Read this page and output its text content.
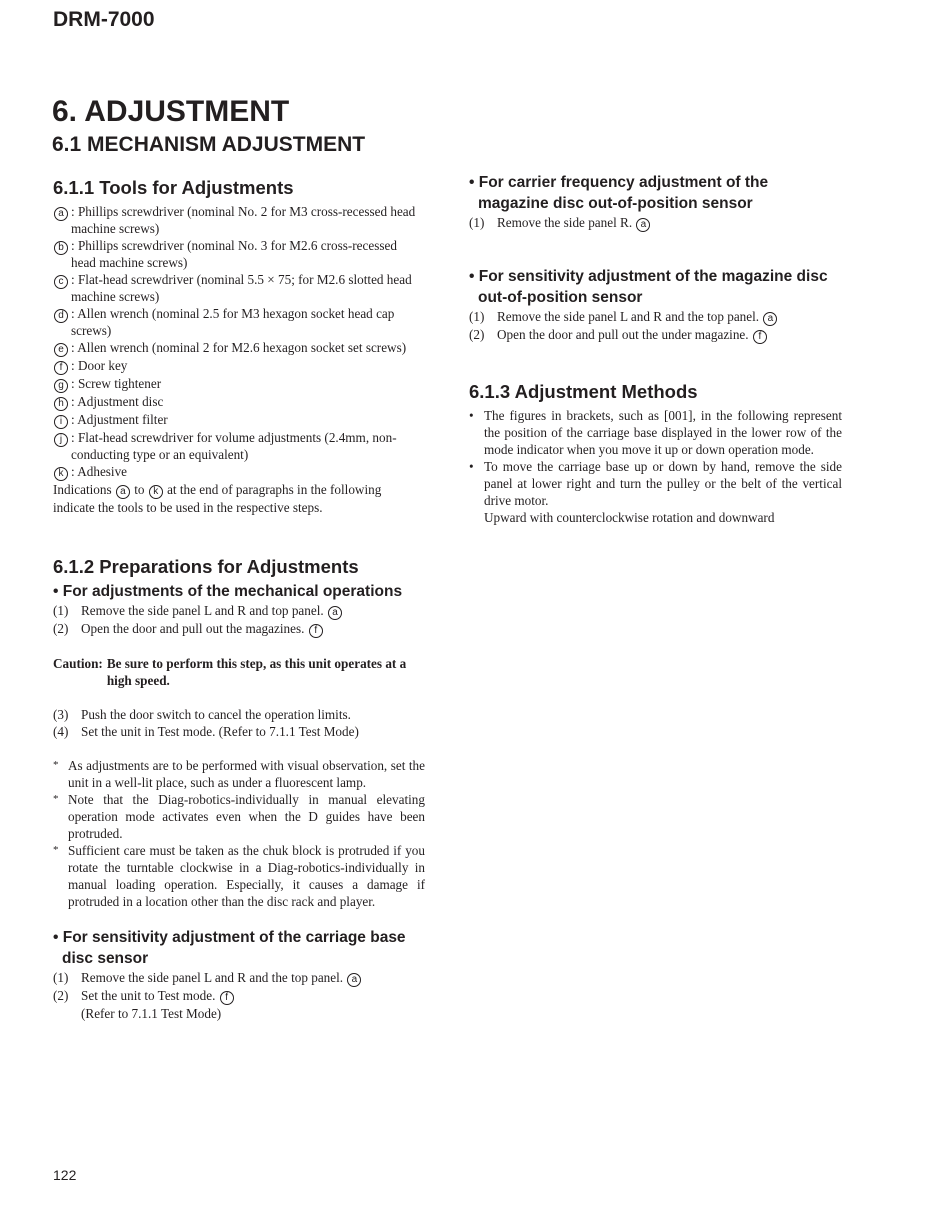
DRM-7000
6. ADJUSTMENT
6.1 MECHANISM ADJUSTMENT
6.1.1 Tools for Adjustments
a : Phillips screwdriver (nominal No. 2 for M3 cross-recessed head machine screws)
b : Phillips screwdriver (nominal No. 3 for M2.6 cross-recessed head machine screws)
c : Flat-head screwdriver (nominal 5.5 × 75; for M2.6 slotted head machine screws)
d : Allen wrench (nominal 2.5 for M3 hexagon socket head cap screws)
e : Allen wrench (nominal 2 for M2.6 hexagon socket set screws)
f : Door key
g : Screw tightener
h : Adjustment disc
i : Adjustment filter
j : Flat-head screwdriver for volume adjustments (2.4mm, non-conducting type or an equivalent)
k : Adhesive
Indications a to k at the end of paragraphs in the following indicate the tools to be used in the respective steps.
6.1.2 Preparations for Adjustments
• For adjustments of the mechanical operations
(1) Remove the side panel L and R and top panel. a
(2) Open the door and pull out the magazines. f
Caution: Be sure to perform this step, as this unit operates at a high speed.
(3) Push the door switch to cancel the operation limits.
(4) Set the unit in Test mode. (Refer to 7.1.1 Test Mode)
* As adjustments are to be performed with visual observation, set the unit in a well-lit place, such as under a fluorescent lamp.
* Note that the Diag-robotics-individually in manual elevating operation mode activates even when the D guides have been protruded.
* Sufficient care must be taken as the chuk block is protruded if you rotate the turntable clockwise in a Diag-robotics-individually in manual loading operation. Especially, it causes a damage if protruded in a location other than the disc rack and player.
• For sensitivity adjustment of the carriage base disc sensor
(1) Remove the side panel L and R and the top panel. a
(2) Set the unit to Test mode. f
(Refer to 7.1.1 Test Mode)
• For carrier frequency adjustment of the magazine disc out-of-position sensor
(1) Remove the side panel R. a
• For sensitivity adjustment of the magazine disc out-of-position sensor
(1) Remove the side panel L and R and the top panel. a
(2) Open the door and pull out the under magazine. f
6.1.3 Adjustment Methods
• The figures in brackets, such as [001], in the following represent the position of the carriage base displayed in the lower row of the mode indicator when you move it up or down operation mode.
• To move the carriage base up or down by hand, remove the side panel at lower right and turn the pulley or the belt of the vertical drive motor.
Upward with counterclockwise rotation and downward
122
